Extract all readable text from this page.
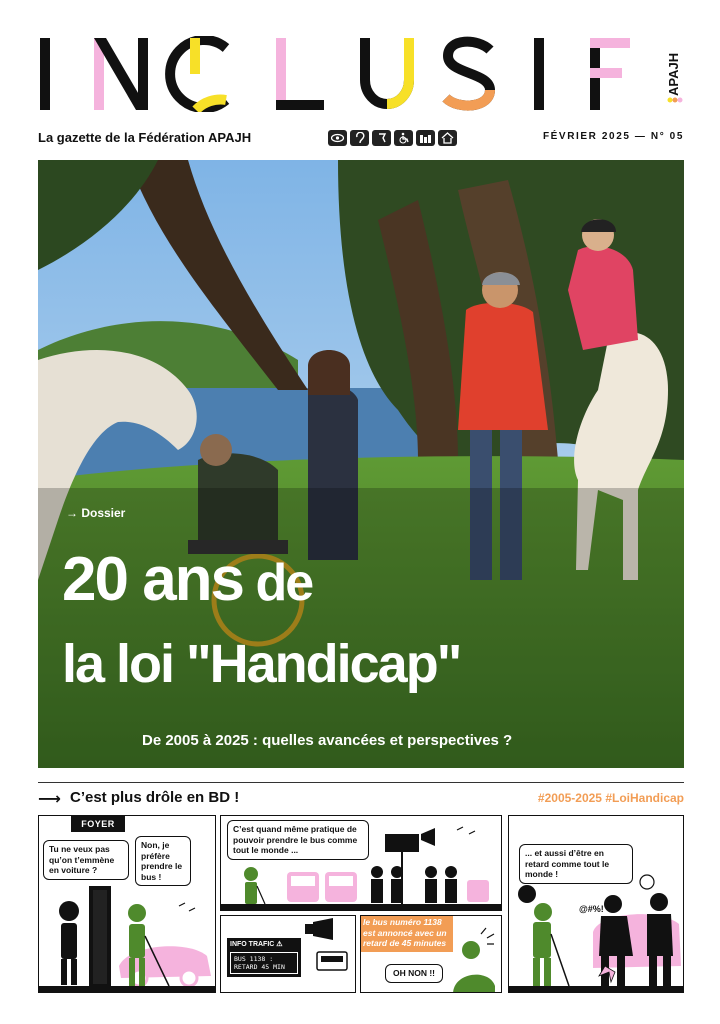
APAJH
La gazette de la Fédération APAJH	FÉVRIER 2025 — N° 05
→ Dossier
20 ans de
la loi "Handicap"
De 2005 à 2025 : quelles avancées et perspectives ?
⟶ C’est plus drôle en BD !	#2005-2025 #LoiHandicap
FOYER
Tu ne veux pas qu’on t’emmène en voiture ?
Non, je préfère prendre le bus !
C’est quand même pratique de pouvoir prendre le bus comme tout le monde ...
INFO TRAFIC ⚠
BUS 1138 :
RETARD 45 MIN
le bus numéro 1138 est annoncé avec un retard de 45 minutes
OH NON !!
... et aussi d’être en retard comme tout le monde !
@#%!
